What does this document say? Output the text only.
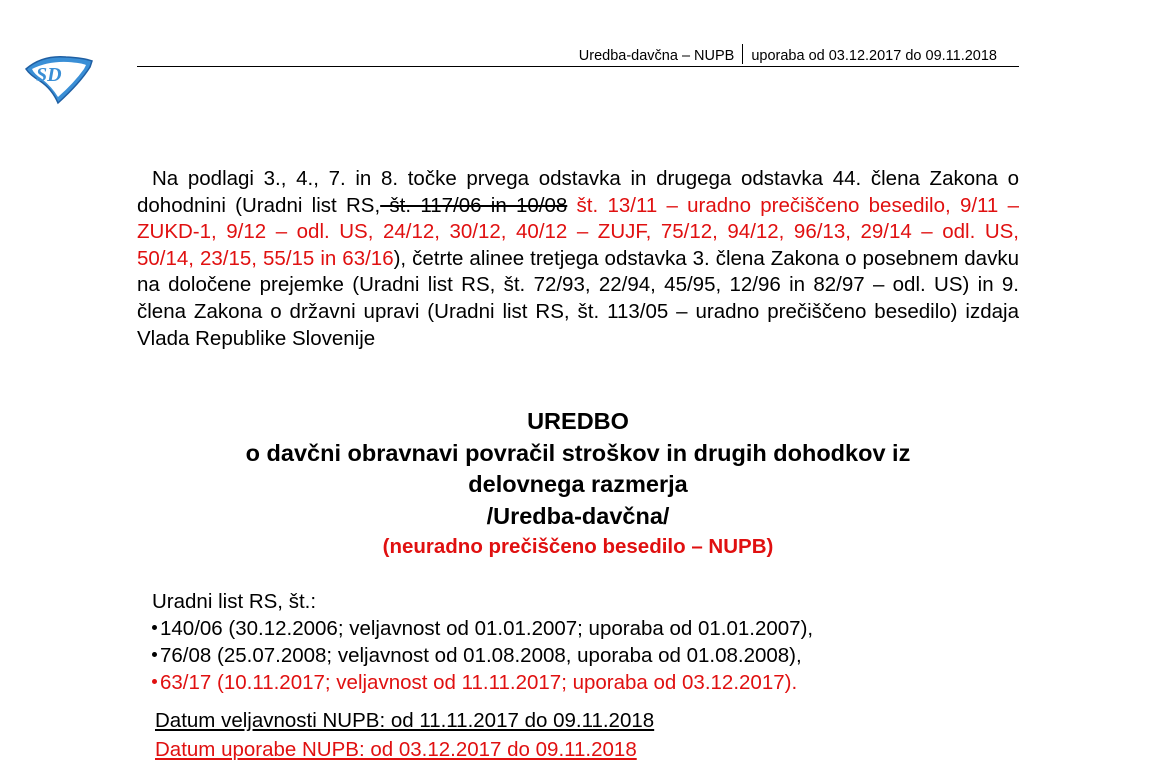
SD
Uredba-davčna – NUPB uporaba od 03.12.2017 do 09.11.2018
Na podlagi 3., 4., 7. in 8. točke prvega odstavka in drugega odstavka 44. člena Zakona o dohodnini (Uradni list RS, št. 117/06 in 10/08 št. 13/11 – uradno prečiščeno besedilo, 9/11 – ZUKD-1, 9/12 – odl. US, 24/12, 30/12, 40/12 – ZUJF, 75/12, 94/12, 96/13, 29/14 – odl. US, 50/14, 23/15, 55/15 in 63/16), četrte alinee tretjega odstavka 3. člena Zakona o posebnem davku na določene prejemke (Uradni list RS, št. 72/93, 22/94, 45/95, 12/96 in 82/97 – odl. US) in 9. člena Zakona o državni upravi (Uradni list RS, št. 113/05 – uradno prečiščeno besedilo) izdaja Vlada Republike Slovenije
UREDBO
o davčni obravnavi povračil stroškov in drugih dohodkov iz
delovnega razmerja
/Uredba-davčna/
(neuradno prečiščeno besedilo – NUPB)
Uradni list RS, št.:
140/06 (30.12.2006; veljavnost od 01.01.2007; uporaba od 01.01.2007),
76/08 (25.07.2008; veljavnost od 01.08.2008, uporaba od 01.08.2008),
63/17 (10.11.2017; veljavnost od 11.11.2017; uporaba od 03.12.2017).
Datum veljavnosti NUPB: od 11.11.2017 do 09.11.2018
Datum uporabe NUPB: od 03.12.2017 do 09.11.2018
